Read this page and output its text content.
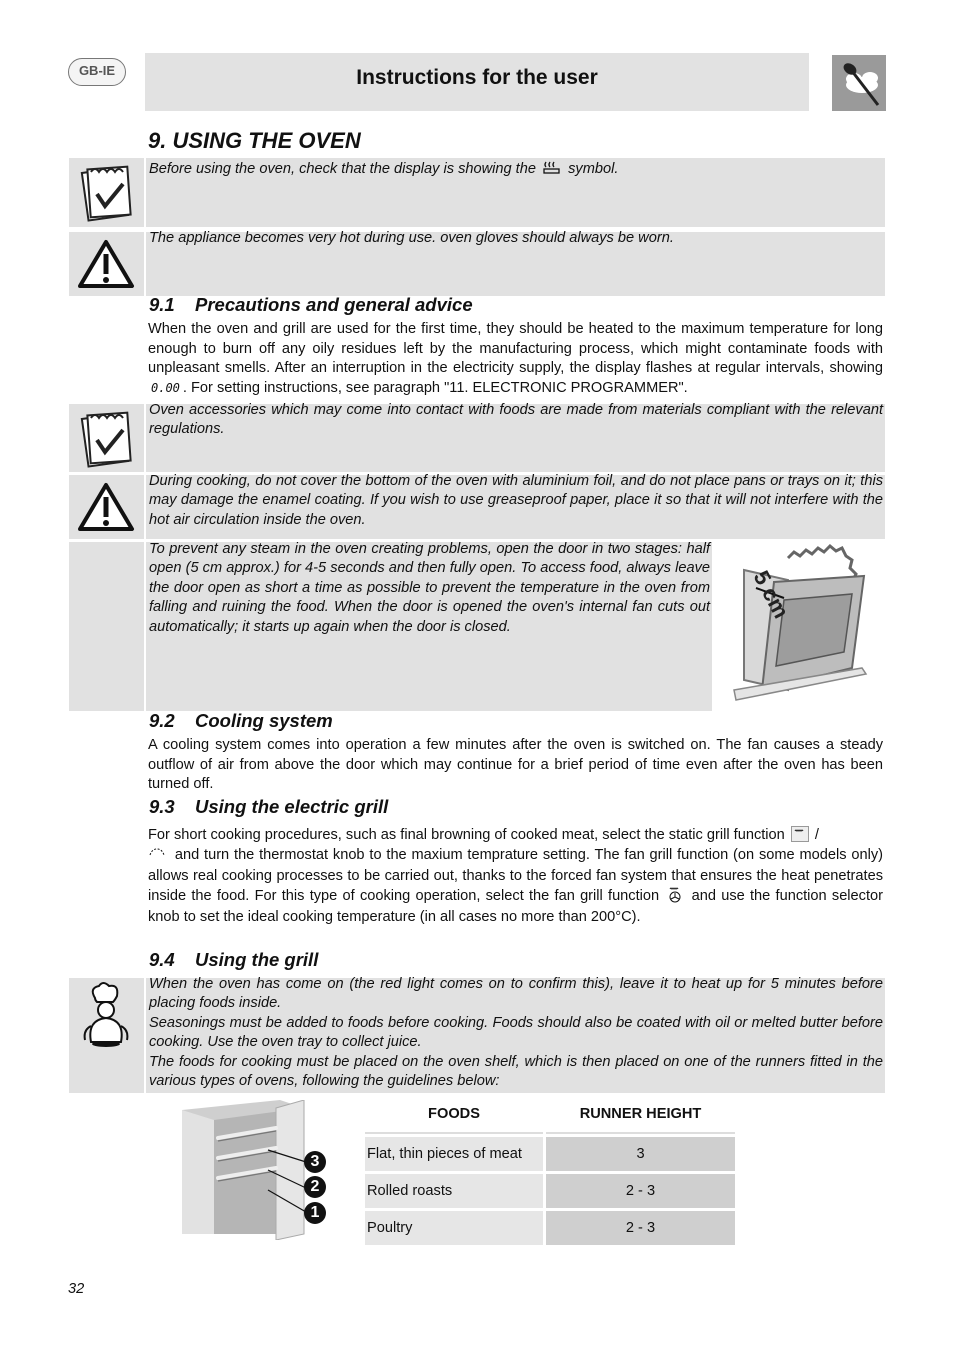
GB-IE	Instructions for the user
9. USING THE OVEN
Before using the oven, check that the display is showing the symbol.
The appliance becomes very hot during use. oven gloves should always be worn.
9.1 Precautions and general advice
When the oven and grill are used for the first time, they should be heated to the maximum temperature for long enough to burn off any oily residues left by the manufacturing process, which might contaminate foods with unpleasant smells. After an interruption in the electricity supply, the display flashes at regular intervals, showing 0.00 . For setting instructions, see paragraph "11. ELECTRONIC PROGRAMMER".
Oven accessories which may come into contact with foods are made from materials compliant with the relevant regulations.
During cooking, do not cover the bottom of the oven with aluminium foil, and do not place pans or trays on it; this may damage the enamel coating. If you wish to use greaseproof paper, place it so that it will not interfere with the hot air circulation inside the oven.
To prevent any steam in the oven creating problems, open the door in two stages: half open (5 cm approx.) for 4-5 seconds and then fully open. To access food, always leave the door open as short a time as possible to prevent the temperature in the oven from falling and ruining the food. When the door is opened the oven's internal fan cuts out automatically; it starts up again when the door is closed.
5 cm
9.2 Cooling system
A cooling system comes into operation a few minutes after the oven is switched on. The fan causes a steady outflow of air from above the door which may continue for a brief period of time even after the oven has been turned off.
9.3 Using the electric grill
For short cooking procedures, such as final browning of cooked meat, select the static grill function /
and turn the thermostat knob to the maxium temprature setting. The fan grill function (on some models only) allows real cooking processes to be carried out, thanks to the forced fan system that ensures the heat penetrates inside the food. For this type of cooking operation, select the fan grill function and use the function selector knob to set the ideal cooking temperature (in all cases no more than 200°C).
9.4 Using the grill
When the oven has come on (the red light comes on to confirm this), leave it to heat up for 5 minutes before placing foods inside.
Seasonings must be added to foods before cooking. Foods should also be coated with oil or melted butter before cooking. Use the oven tray to collect juice.
The foods for cooking must be placed on the oven shelf, which is then placed on one of the runners fitted in the various types of ovens, following the guidelines below:
3
2
1
FOODS	RUNNER HEIGHT
Flat, thin pieces of meat	3
Rolled roasts	2 - 3
Poultry	2 - 3
32
